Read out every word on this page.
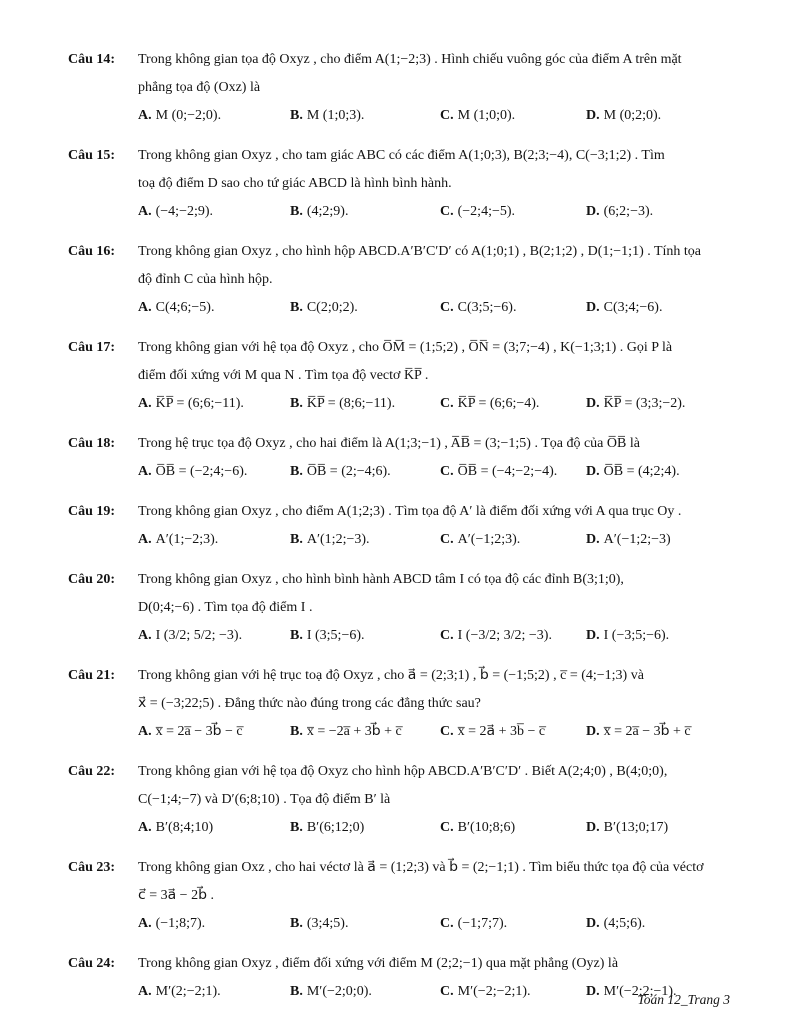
Câu 14:	Trong không gian tọa độ Oxyz , cho điểm A(1;−2;3) . Hình chiếu vuông góc của điểm A trên mặt
phẳng tọa độ (Oxz) là
A. M (0;−2;0).	B. M (1;0;3).	C. M (1;0;0).	D. M (0;2;0).
Câu 15:	Trong không gian Oxyz , cho tam giác ABC có các điểm A(1;0;3), B(2;3;−4), C(−3;1;2) . Tìm
toạ độ điểm D sao cho tứ giác ABCD là hình bình hành.
A. (−4;−2;9).	B. (4;2;9).	C. (−2;4;−5).	D. (6;2;−3).
Câu 16:	Trong không gian Oxyz , cho hình hộp ABCD.A′B′C′D′ có A(1;0;1) , B(2;1;2) , D(1;−1;1) . Tính tọa
độ đỉnh C của hình hộp.
A. C(4;6;−5).	B. C(2;0;2).	C. C(3;5;−6).	D. C(3;4;−6).
Câu 17:	Trong không gian với hệ tọa độ Oxyz , cho O̅M̅ = (1;5;2) , O̅N̅ = (3;7;−4) , K(−1;3;1) . Gọi P là
điểm đối xứng với M qua N . Tìm tọa độ vectơ K̅P̅ .
A. K̅P̅ = (6;6;−11).	B. K̅P̅ = (8;6;−11).	C. K̅P̅ = (6;6;−4).	D. K̅P̅ = (3;3;−2).
Câu 18:	Trong hệ trục tọa độ Oxyz , cho hai điểm là A(1;3;−1) , A̅B̅ = (3;−1;5) . Tọa độ của O̅B̅ là
A. O̅B̅ = (−2;4;−6).	B. O̅B̅ = (2;−4;6).	C. O̅B̅ = (−4;−2;−4).	D. O̅B̅ = (4;2;4).
Câu 19:	Trong không gian Oxyz , cho điểm A(1;2;3) . Tìm tọa độ A′ là điểm đối xứng với A qua trục Oy .
A. A′(1;−2;3).	B. A′(1;2;−3).	C. A′(−1;2;3).	D. A′(−1;2;−3)
Câu 20:	Trong không gian Oxyz , cho hình bình hành ABCD tâm I có tọa độ các đỉnh B(3;1;0),
D(0;4;−6) . Tìm tọa độ điểm I .
A. I (3/2; 5/2; −3).	B. I (3;5;−6).	C. I (−3/2; 3/2; −3).	D. I (−3;5;−6).
Câu 21:	Trong không gian với hệ trục toạ độ Oxyz , cho a⃗ = (2;3;1) , b⃗ = (−1;5;2) , c̅ = (4;−1;3) và
x⃗ = (−3;22;5) . Đẳng thức nào đúng trong các đẳng thức sau?
A. x̅ = 2a̅ − 3b⃗ − c̅	B. x̅ = −2a̅ + 3b⃗ + c̅	C. x̅ = 2a⃗ + 3b̅ − c̅	D. x̅ = 2a̅ − 3b⃗ + c̅
Câu 22:	Trong không gian với hệ tọa độ Oxyz cho hình hộp ABCD.A′B′C′D′ . Biết A(2;4;0) , B(4;0;0),
C(−1;4;−7) và D′(6;8;10) . Tọa độ điểm B′ là
A. B′(8;4;10)	B. B′(6;12;0)	C. B′(10;8;6)	D. B′(13;0;17)
Câu 23:	Trong không gian Oxz , cho hai véctơ là a⃗ = (1;2;3) và b⃗ = (2;−1;1) . Tìm biểu thức tọa độ của véctơ
c⃗ = 3a⃗ − 2b⃗ .
A. (−1;8;7).	B. (3;4;5).	C. (−1;7;7).	D. (4;5;6).
Câu 24:	Trong không gian Oxyz , điểm đối xứng với điểm M (2;2;−1) qua mặt phẳng (Oyz) là
A. M′(2;−2;1).	B. M′(−2;0;0).	C. M′(−2;−2;1).	D. M′(−2;2;−1).
Toán 12_Trang 3
